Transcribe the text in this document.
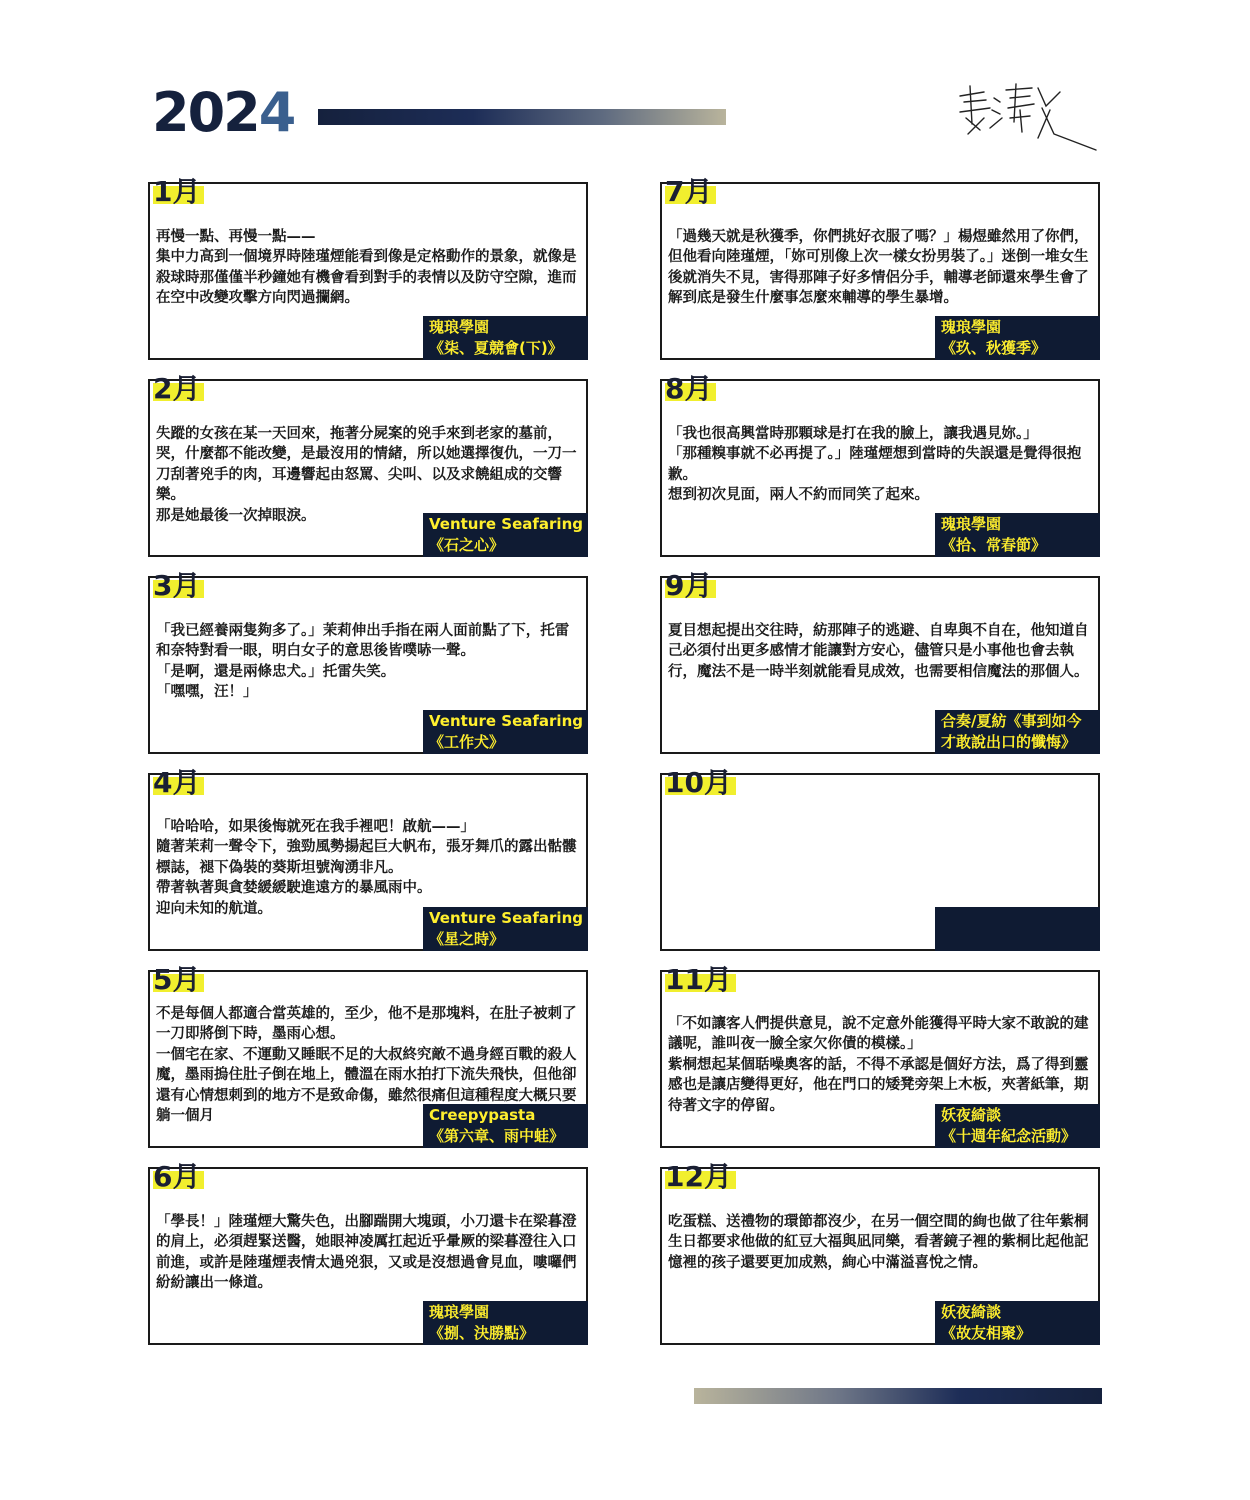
2024
1月
再慢一點、再慢一點——
集中力高到一個境界時陸瑾煙能看到像是定格動作的景象，就像是殺球時那僅僅半秒鐘她有機會看到對手的表情以及防守空隙，進而在空中改變攻擊方向閃過攔網。
瑰琅學園
《柒、夏競會(下)》
2月
失蹤的女孩在某一天回來，拖著分屍案的兇手來到老家的墓前，哭，什麼都不能改變，是最沒用的情緒，所以她選擇復仇，一刀一刀刮著兇手的肉，耳邊響起由怒罵、尖叫、以及求饒組成的交響樂。
那是她最後一次掉眼淚。	Venture Seafaring
《石之心》
3月
「我已經養兩隻夠多了。」茉莉伸出手指在兩人面前點了下，托雷和奈特對看一眼，明白女子的意思後皆噗哧一聲。
「是啊，還是兩條忠犬。」托雷失笑。
「嘿嘿，汪！」
Venture Seafaring
《工作犬》
4月
「哈哈哈，如果後悔就死在我手裡吧！啟航——」
隨著茉莉一聲令下，強勁風勢揚起巨大帆布，張牙舞爪的露出骷髏標誌，褪下偽裝的葵斯坦號洶湧非凡。
帶著執著與貪婪緩緩駛進遠方的暴風雨中。
迎向未知的航道。
Venture Seafaring
《星之時》
5月
不是每個人都適合當英雄的，至少，他不是那塊料，在肚子被刺了一刀即將倒下時，墨雨心想。
一個宅在家、不運動又睡眠不足的大叔終究敵不過身經百戰的殺人魔，墨雨摀住肚子倒在地上，體溫在雨水拍打下流失飛快，但他卻還有心情想刺到的地方不是致命傷，雖然很痛但這種程度大概只要躺一個月	Creepypasta
《第六章、雨中蛙》
6月
「學長！」陸瑾煙大驚失色，出腳踹開大塊頭，小刀還卡在梁暮澄的肩上，必須趕緊送醫，她眼神凌厲扛起近乎暈厥的梁暮澄往入口前進，或許是陸瑾煙表情太過兇狠，又或是沒想過會見血，嘍囉們紛紛讓出一條道。
瑰琅學園
《捌、決勝點》
7月
「過幾天就是秋獲季，你們挑好衣服了嗎？」楊煜雖然用了你們，但他看向陸瑾煙，「妳可別像上次一樣女扮男裝了。」迷倒一堆女生後就消失不見，害得那陣子好多情侶分手，輔導老師還來學生會了解到底是發生什麼事怎麼來輔導的學生暴增。
瑰琅學園
《玖、秋獲季》
8月
「我也很高興當時那顆球是打在我的臉上，讓我遇見妳。」
「那種糗事就不必再提了。」陸瑾煙想到當時的失誤還是覺得很抱歉。
想到初次見面，兩人不約而同笑了起來。
瑰琅學園
《拾、常春節》
9月
夏目想起提出交往時，紡那陣子的逃避、自卑與不自在，他知道自己必須付出更多感情才能讓對方安心，儘管只是小事他也會去執行，魔法不是一時半刻就能看見成效，也需要相信魔法的那個人。
合奏/夏紡《事到如今
才敢說出口的懺悔》
10月
11月
「不如讓客人們提供意見，說不定意外能獲得平時大家不敢說的建議呢，誰叫夜一臉全家欠你債的模樣。」
紫桐想起某個聒噪奧客的話，不得不承認是個好方法，爲了得到靈感也是讓店變得更好，他在門口的矮凳旁架上木板，夾著紙筆，期待著文字的停留。
妖夜綺談
《十週年紀念活動》
12月
吃蛋糕、送禮物的環節都沒少，在另一個空間的絢也做了往年紫桐生日都要求他做的紅豆大福與凪同樂，看著鏡子裡的紫桐比起他記憶裡的孩子還要更加成熟，絢心中滿溢喜悅之情。
妖夜綺談
《故友相聚》
